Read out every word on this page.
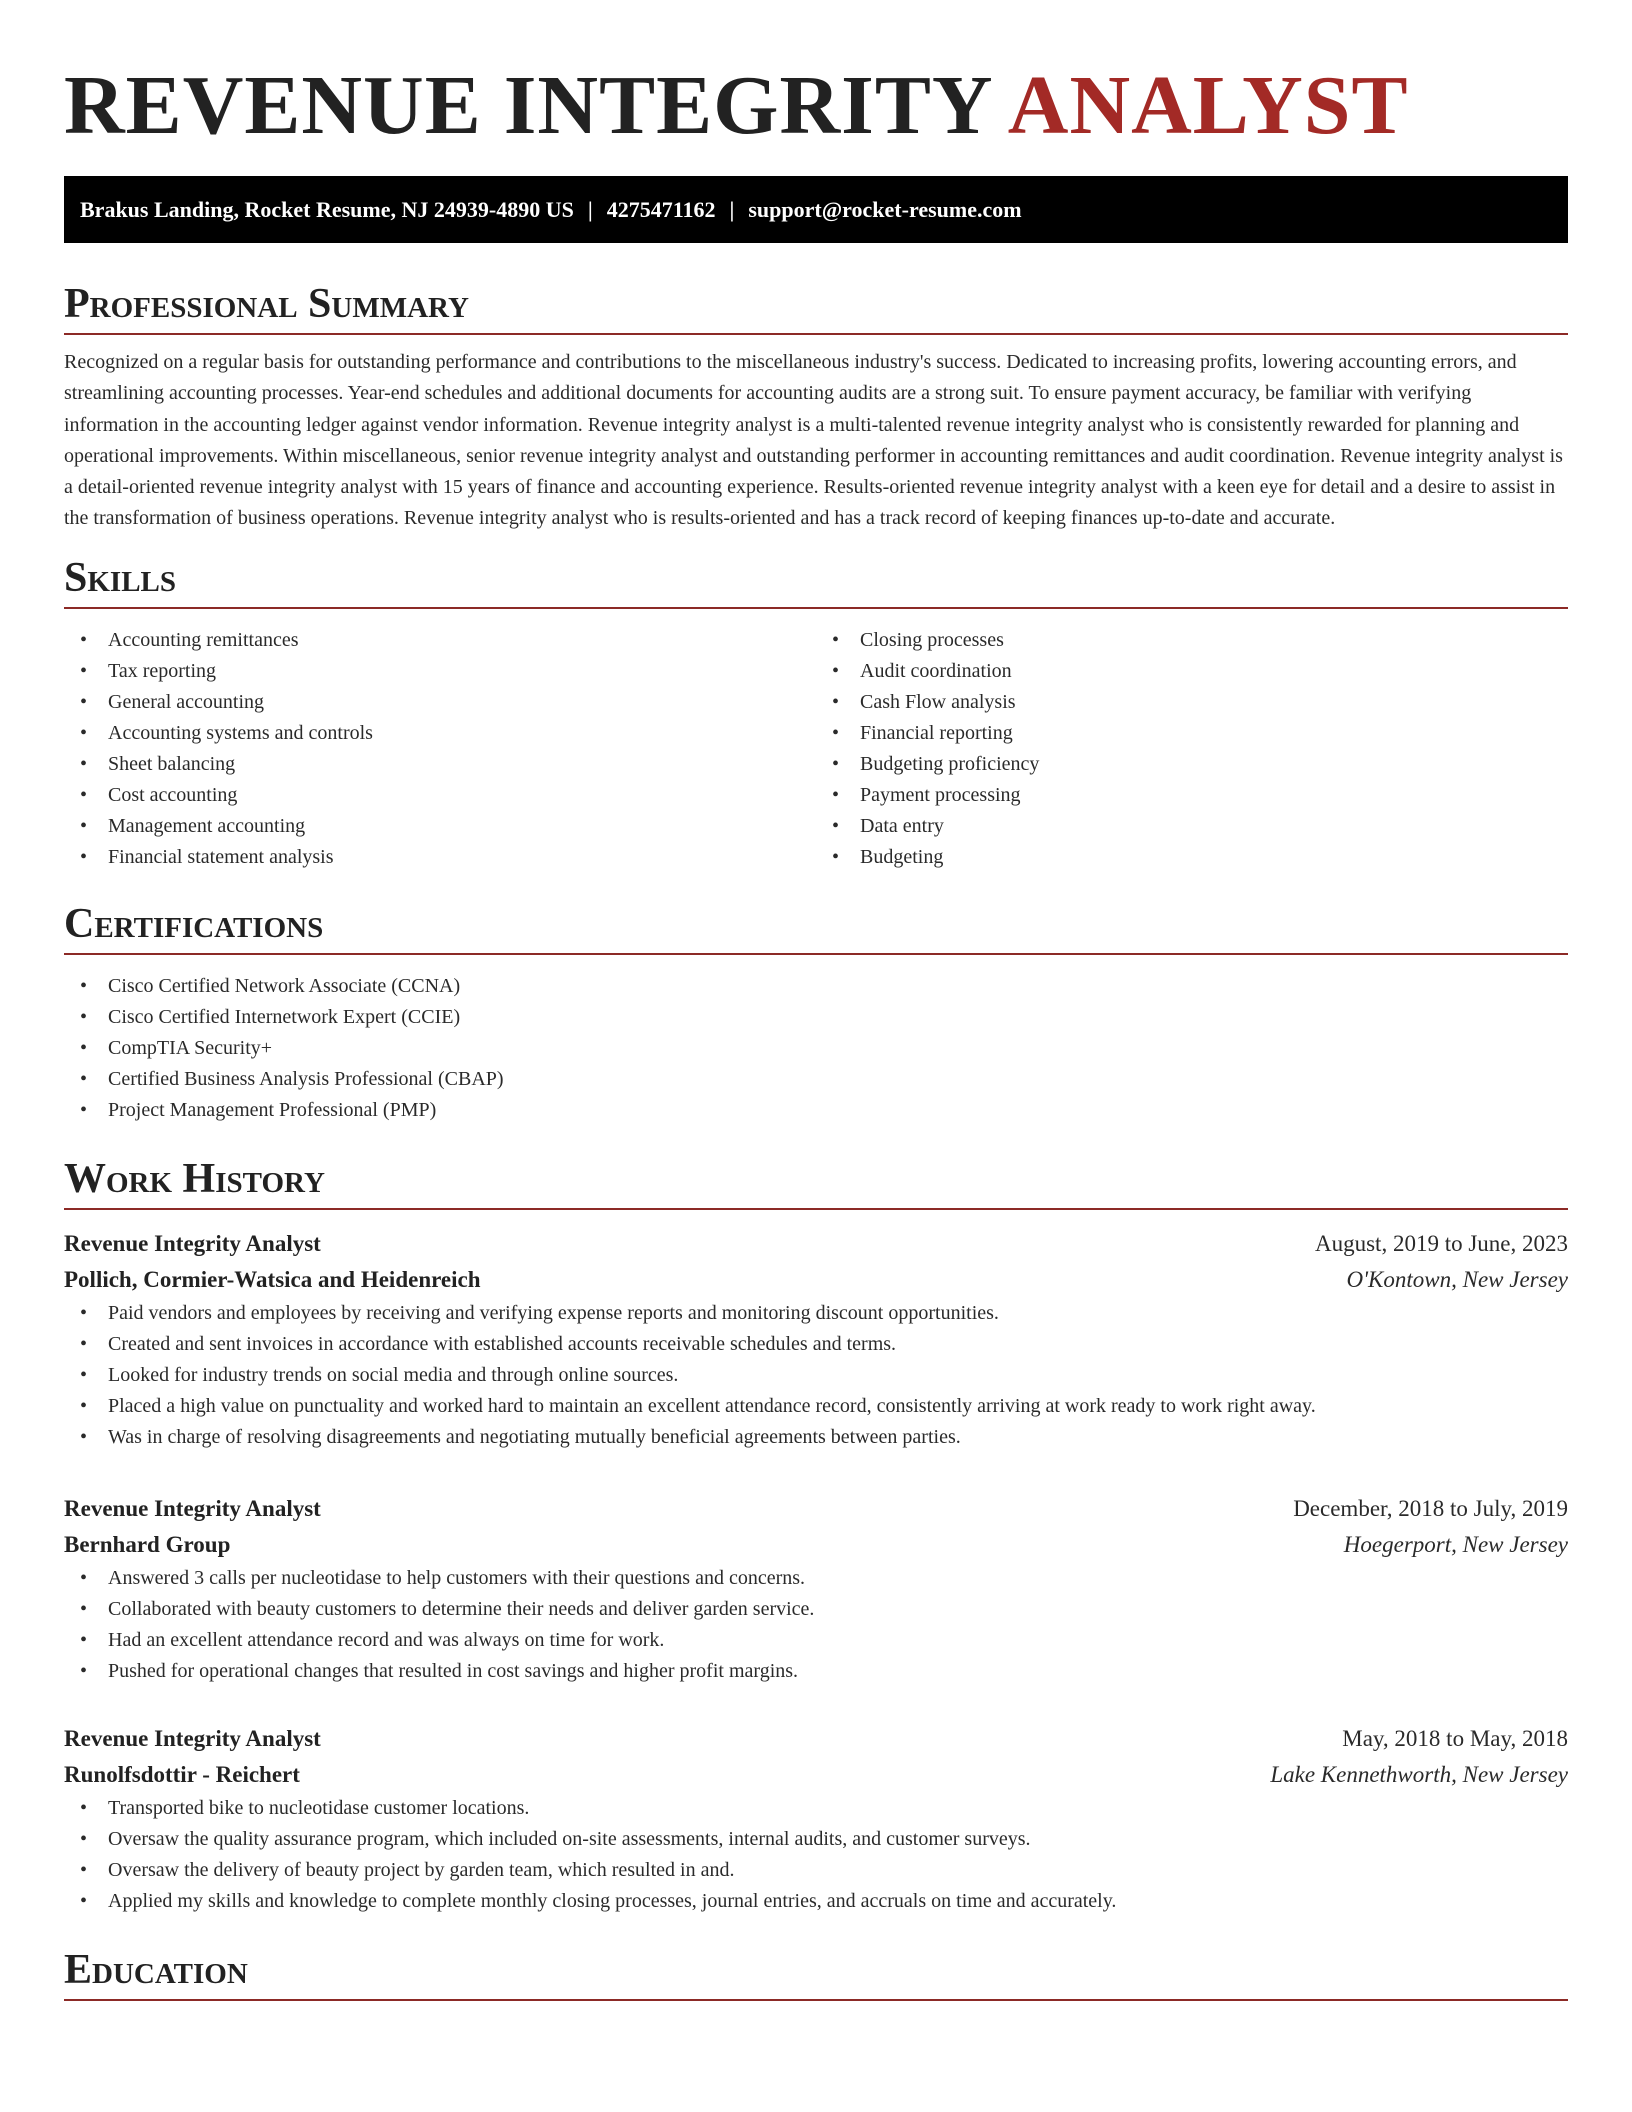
REVENUE INTEGRITY ANALYST
Brakus Landing, Rocket Resume, NJ 24939-4890 US | 4275471162 | support@rocket-resume.com
Professional Summary

Recognized on a regular basis for outstanding performance and contributions to the miscellaneous industry's success. Dedicated to increasing profits, lowering accounting errors, and streamlining accounting processes. Year-end schedules and additional documents for accounting audits are a strong suit. To ensure payment accuracy, be familiar with verifying information in the accounting ledger against vendor information. Revenue integrity analyst is a multi-talented revenue integrity analyst who is consistently rewarded for planning and operational improvements. Within miscellaneous, senior revenue integrity analyst and outstanding performer in accounting remittances and audit coordination. Revenue integrity analyst is a detail-oriented revenue integrity analyst with 15 years of finance and accounting experience. Results-oriented revenue integrity analyst with a keen eye for detail and a desire to assist in the transformation of business operations. Revenue integrity analyst who is results-oriented and has a track record of keeping finances up-to-date and accurate.

Skills
• Accounting remittances
• Tax reporting
• General accounting
• Accounting systems and controls
• Sheet balancing
• Cost accounting
• Management accounting
• Financial statement analysis
• Closing processes
• Audit coordination
• Cash Flow analysis
• Financial reporting
• Budgeting proficiency
• Payment processing
• Data entry
• Budgeting
Certifications
• Cisco Certified Network Associate (CCNA)
• Cisco Certified Internetwork Expert (CCIE)
• CompTIA Security+
• Certified Business Analysis Professional (CBAP)
• Project Management Professional (PMP)
Work History
Revenue Integrity Analyst	August, 2019 to June, 2023
Pollich, Cormier-Watsica and Heidenreich	O'Kontown, New Jersey
• Paid vendors and employees by receiving and verifying expense reports and monitoring discount opportunities.
• Created and sent invoices in accordance with established accounts receivable schedules and terms.
• Looked for industry trends on social media and through online sources.
• Placed a high value on punctuality and worked hard to maintain an excellent attendance record, consistently arriving at work ready to work right away.
• Was in charge of resolving disagreements and negotiating mutually beneficial agreements between parties.
Revenue Integrity Analyst	December, 2018 to July, 2019
Bernhard Group	Hoegerport, New Jersey
• Answered 3 calls per nucleotidase to help customers with their questions and concerns.
• Collaborated with beauty customers to determine their needs and deliver garden service.
• Had an excellent attendance record and was always on time for work.
• Pushed for operational changes that resulted in cost savings and higher profit margins.
Revenue Integrity Analyst	May, 2018 to May, 2018
Runolfsdottir - Reichert	Lake Kennethworth, New Jersey
• Transported bike to nucleotidase customer locations.
• Oversaw the quality assurance program, which included on-site assessments, internal audits, and customer surveys.
• Oversaw the delivery of beauty project by garden team, which resulted in and.
• Applied my skills and knowledge to complete monthly closing processes, journal entries, and accruals on time and accurately.
Education
